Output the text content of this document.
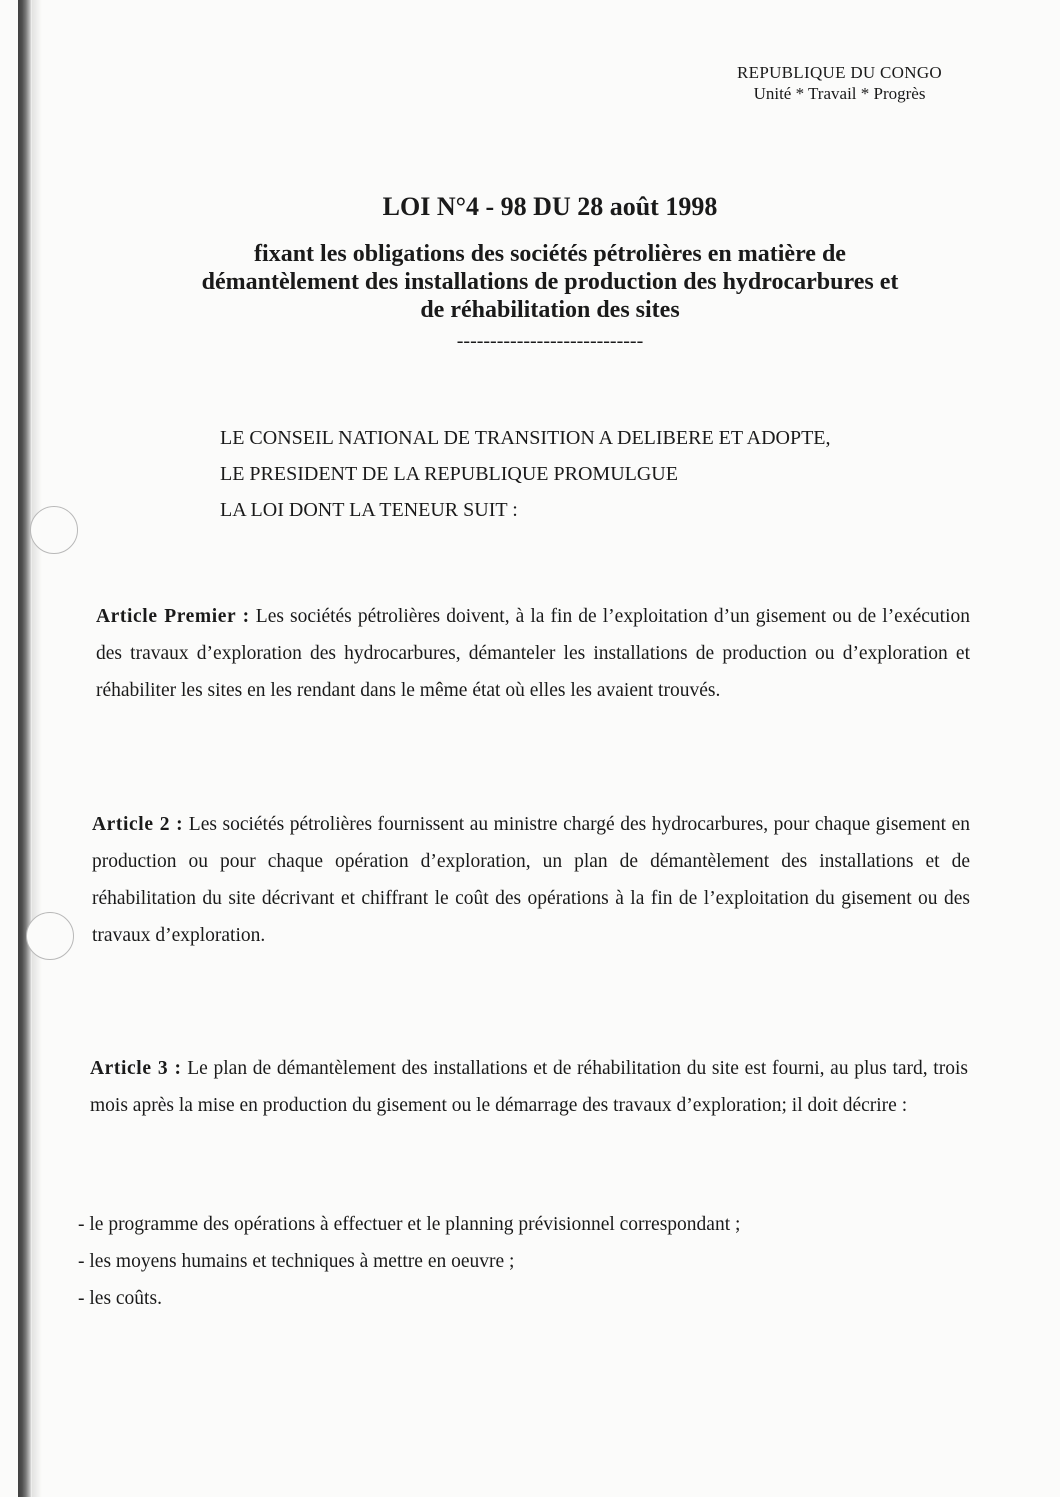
REPUBLIQUE DU CONGO
Unité * Travail * Progrès
LOI N°4 - 98 DU 28 août 1998
fixant les obligations des sociétés pétrolières en matière de démantèlement des installations de production des hydrocarbures et de réhabilitation des sites
----------------------------
LE CONSEIL NATIONAL DE TRANSITION A DELIBERE ET ADOPTE,
LE PRESIDENT DE LA REPUBLIQUE PROMULGUE
LA LOI DONT LA TENEUR SUIT :
Article Premier : Les sociétés pétrolières doivent, à la fin de l’exploitation d’un gisement ou de l’exécution des travaux d’exploration des hydrocarbures, démanteler les installations de production ou d’exploration et réhabiliter les sites en les rendant dans le même état où elles les avaient trouvés.
Article 2 : Les sociétés pétrolières fournissent au ministre chargé des hydrocarbures, pour chaque gisement en production ou pour chaque opération d’exploration, un plan de démantèlement des installations et de réhabilitation du site décrivant et chiffrant le coût des opérations à la fin de l’exploitation du gisement ou des travaux d’exploration.
Article 3 : Le plan de démantèlement des installations et de réhabilitation du site est fourni, au plus tard, trois mois après la mise en production du gisement ou le démarrage des travaux d’exploration; il doit décrire :
- le programme des opérations à effectuer et le planning prévisionnel correspondant ;
- les moyens humains et techniques à mettre en oeuvre ;
- les coûts.
